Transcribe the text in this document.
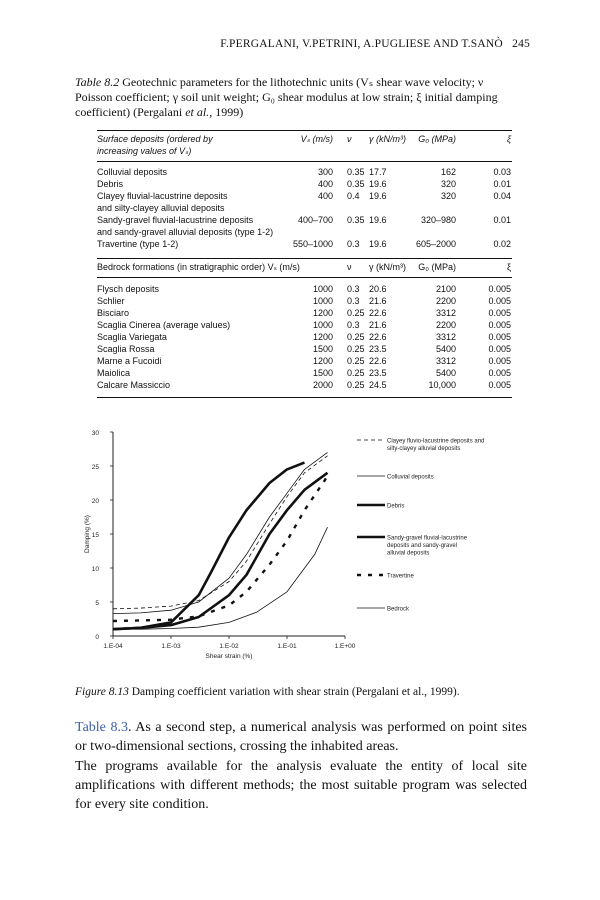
F.PERGALANI, V.PETRINI, A.PUGLIESE AND T.SANÒ 245
Table 8.2 Geotechnic parameters for the lithotechnic units (Vₛ shear wave velocity; ν
Poisson coefficient; γ soil unit weight; G₀ shear modulus at low strain; ξ initial damping
coefficient) (Pergalani et al., 1999)
Surface deposits (ordered by	Vₛ (m/s) ν γ (kN/m³)	G₀ (MPa)	ξ
increasing values of Vₛ)
Colluvial deposits	300 0.35 17.7	162	0.03
Debris	400 0.35 19.6	320	0.01
Clayey fluvial-lacustrine deposits	400 0.4 19.6	320	0.04
and silty-clayey alluvial deposits
Sandy-gravel fluvial-lacustrine deposits	400–700 0.35 19.6	320–980	0.01
and sandy-gravel alluvial deposits (type 1-2)
Travertine (type 1-2)	550–1000 0.3 19.6	605–2000	0.02
Bedrock formations (in stratigraphic order) Vₛ (m/s)	ν γ (kN/m³)	G₀ (MPa)	ξ
Flysch deposits	1000 0.3 20.6	2100	0.005
Schlier	1000 0.3 21.6	2200	0.005
Bisciaro	1200 0.25 22.6	3312	0.005
Scaglia Cinerea (average values)	1000 0.3 21.6	2200	0.005
Scaglia Variegata	1200 0.25 22.6	3312	0.005
Scaglia Rossa	1500 0.25 23.5	5400	0.005
Marne a Fucoidi	1200 0.25 22.6	3312	0.005
Maiolica	1500 0.25 23.5	5400	0.005
Calcare Massiccio	2000 0.25 24.5	10,000	0.005
0
5
10
15
20
25
30
1.E-04	1.E-03	1.E-02	1.E-01	1.E+00
Shear strain (%)
Damping (%)
Clayey fluvio-lacustrine deposits and
silty-clayey alluvial deposits
Colluvial deposits
Debris
Sandy-gravel fluvial-lacustrine
deposits and sandy-gravel
alluvial deposits
Travertine
Bedrock
Figure 8.13 Damping coefficient variation with shear strain (Pergalani et al., 1999).
Table 8.3. As a second step, a numerical analysis was performed on point sites or two-dimensional sections, crossing the inhabited areas.
The programs available for the analysis evaluate the entity of local site amplifications with different methods; the most suitable program was selected for every site condition.
